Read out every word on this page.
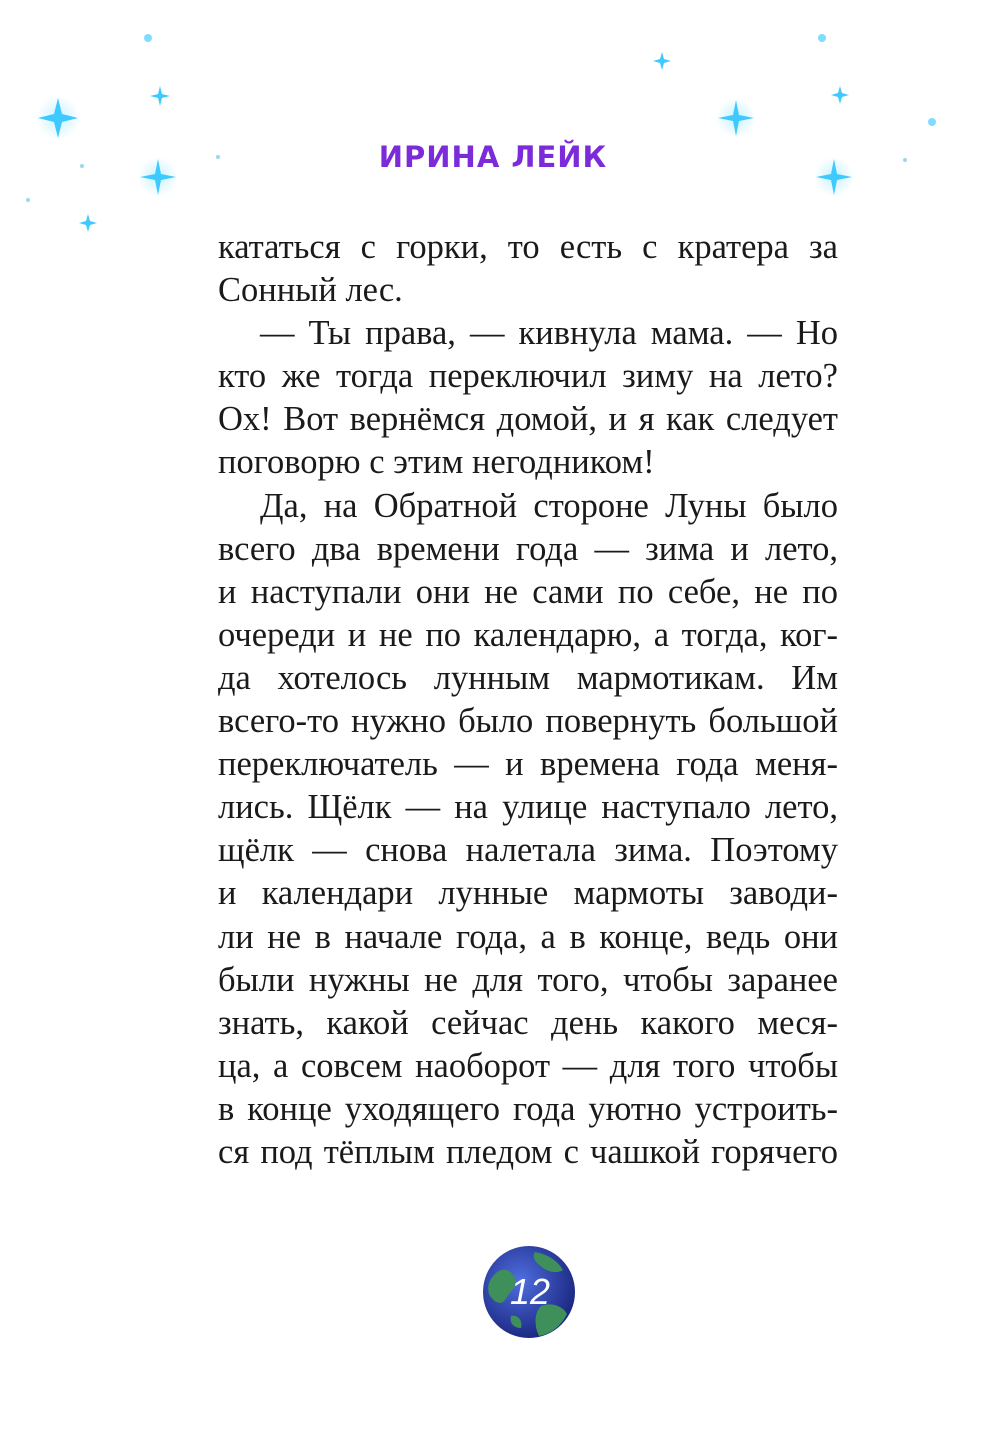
ИРИНА ЛЕЙК
кататься с горки, то есть с кратера за
Сонный лес.
— Ты права, — кивнула мама. — Но
кто же тогда переключил зиму на лето?
Ох! Вот вернёмся домой, и я как следует
поговорю с этим негодником!
Да, на Обратной стороне Луны было
всего два времени года — зима и лето,
и наступали они не сами по себе, не по
очереди и не по календарю, а тогда, ког-
да хотелось лунным мармотикам. Им
всего-то нужно было повернуть большой
переключатель — и времена года меня-
лись. Щёлк — на улице наступало лето,
щёлк — снова налетала зима. Поэтому
и календари лунные мармоты заводи-
ли не в начале года, а в конце, ведь они
были нужны не для того, чтобы заранее
знать, какой сейчас день какого меся-
ца, а совсем наоборот — для того чтобы
в конце уходящего года уютно устроить-
ся под тёплым пледом с чашкой горячего
12
